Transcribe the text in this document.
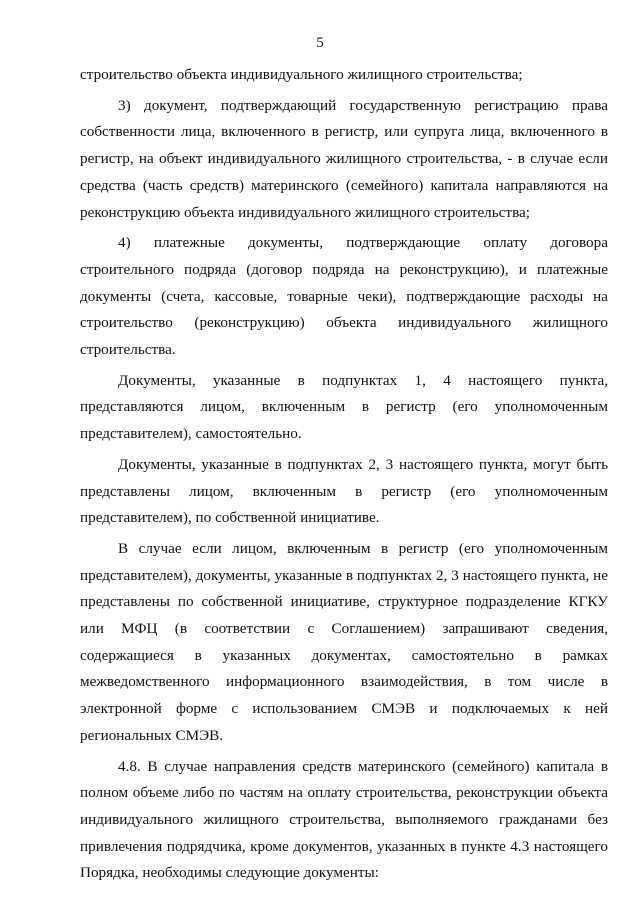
5

строительство объекта индивидуального жилищного строительства;

3) документ, подтверждающий государственную регистрацию права собственности лица, включенного в регистр, или супруга лица, включенного в регистр, на объект индивидуального жилищного строительства, - в случае если средства (часть средств) материнского (семейного) капитала направляются на реконструкцию объекта индивидуального жилищного строительства;

4) платежные документы, подтверждающие оплату договора строительного подряда (договор подряда на реконструкцию), и платежные документы (счета, кассовые, товарные чеки), подтверждающие расходы на строительство (реконструкцию) объекта индивидуального жилищного строительства.

Документы, указанные в подпунктах 1, 4 настоящего пункта, представляются лицом, включенным в регистр (его уполномоченным представителем), самостоятельно.

Документы, указанные в подпунктах 2, 3 настоящего пункта, могут быть представлены лицом, включенным в регистр (его уполномоченным представителем), по собственной инициативе.

В случае если лицом, включенным в регистр (его уполномоченным представителем), документы, указанные в подпунктах 2, 3 настоящего пункта, не представлены по собственной инициативе, структурное подразделение КГКУ или МФЦ (в соответствии с Соглашением) запрашивают сведения, содержащиеся в указанных документах, самостоятельно в рамках межведомственного информационного взаимодействия, в том числе в электронной форме с использованием СМЭВ и подключаемых к ней региональных СМЭВ.

4.8. В случае направления средств материнского (семейного) капитала в полном объеме либо по частям на оплату строительства, реконструкции объекта индивидуального жилищного строительства, выполняемого гражданами без привлечения подрядчика, кроме документов, указанных в пункте 4.3 настоящего Порядка, необходимы следующие документы:
